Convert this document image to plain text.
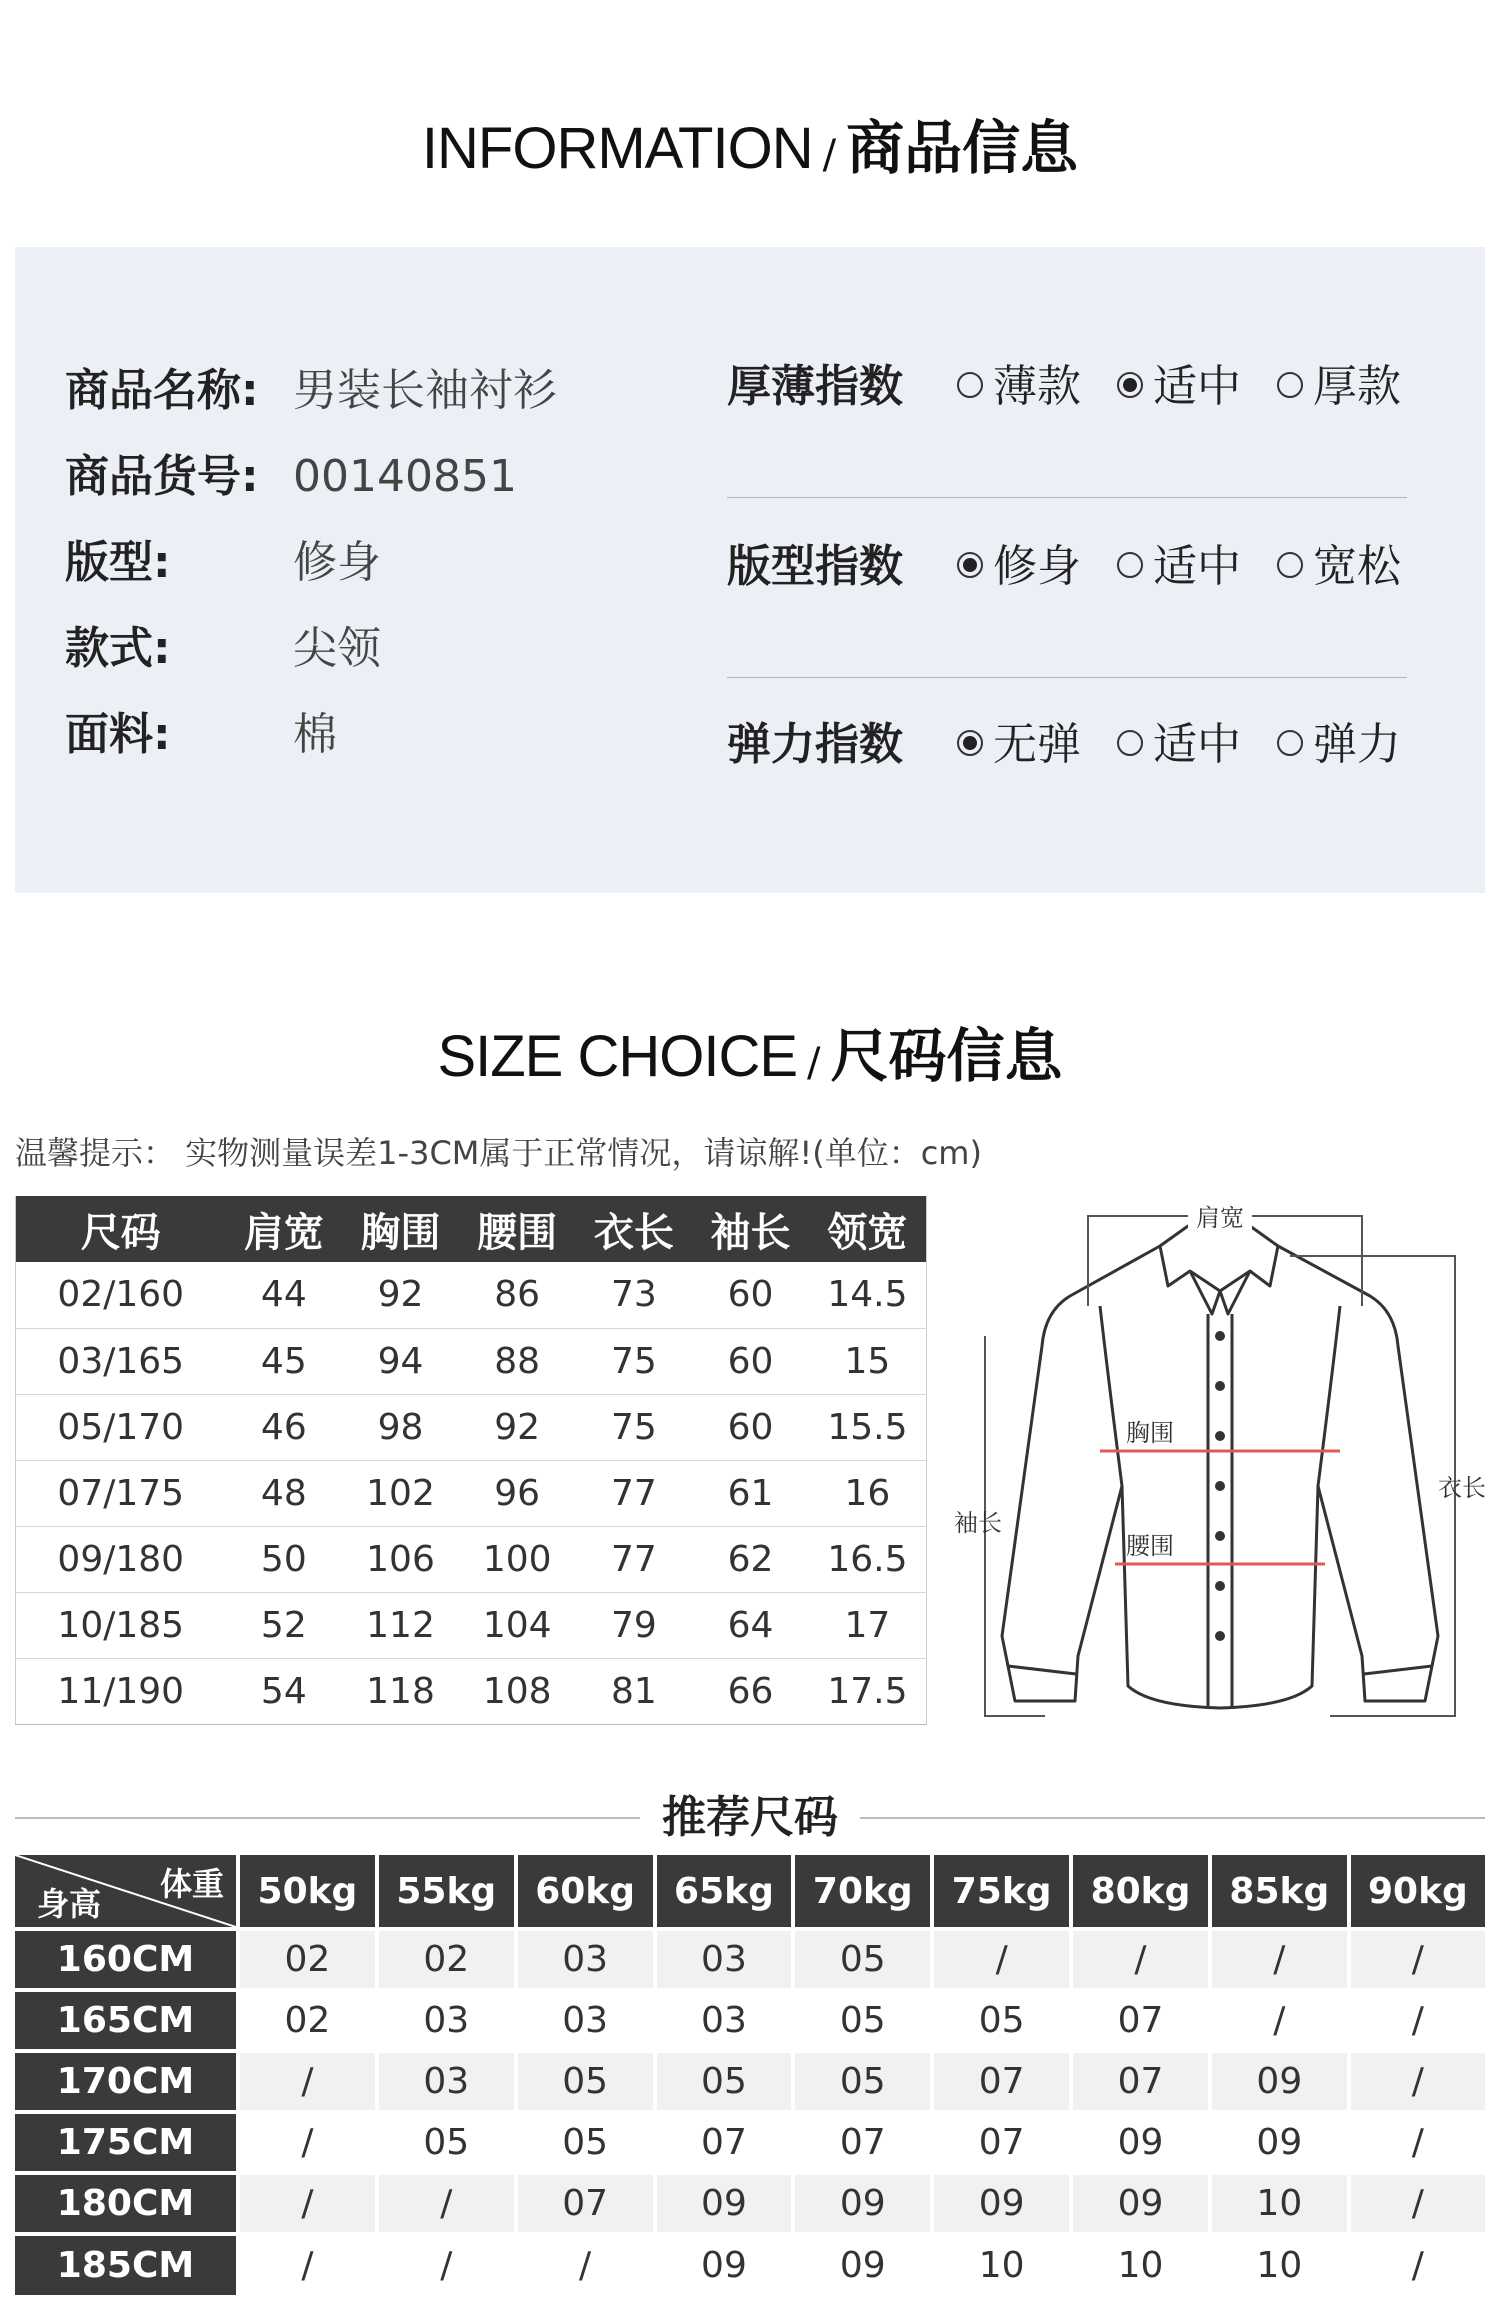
INFORMATION / 商品信息
商品名称: 男装长袖衬衫
商品货号: 00140851
版型:	修身
款式:	尖领
面料:	棉
厚薄指数 薄款 适中 厚款
版型指数 修身 适中 宽松
弹力指数 无弹 适中 弹力
SIZE CHOICE / 尺码信息
温馨提示： 实物测量误差1-3CM属于正常情况，请谅解!(单位：cm)
尺码	肩宽	胸围	腰围	衣长	袖长	领宽
02/160	44	92	86	73	60	14.5
03/165	45	94	88	75	60	15
05/170	46	98	92	75	60	15.5
07/175	48	102	96	77	61	16
09/180	50	106	100	77	62	16.5
10/185	52	112	104	79	64	17
11/190	54	118	108	81	66	17.5
肩宽
胸围
腰围
袖长
衣长
推荐尺码
体重
身高	50kg	55kg	60kg	65kg	70kg	75kg	80kg	85kg	90kg
160CM	02	02	03	03	05	/	/	/	/
165CM	02	03	03	03	05	05	07	/	/
170CM	/	03	05	05	05	07	07	09	/
175CM	/	05	05	07	07	07	09	09	/
180CM	/	/	07	09	09	09	09	10	/
185CM	/	/	/	09	09	10	10	10	/
